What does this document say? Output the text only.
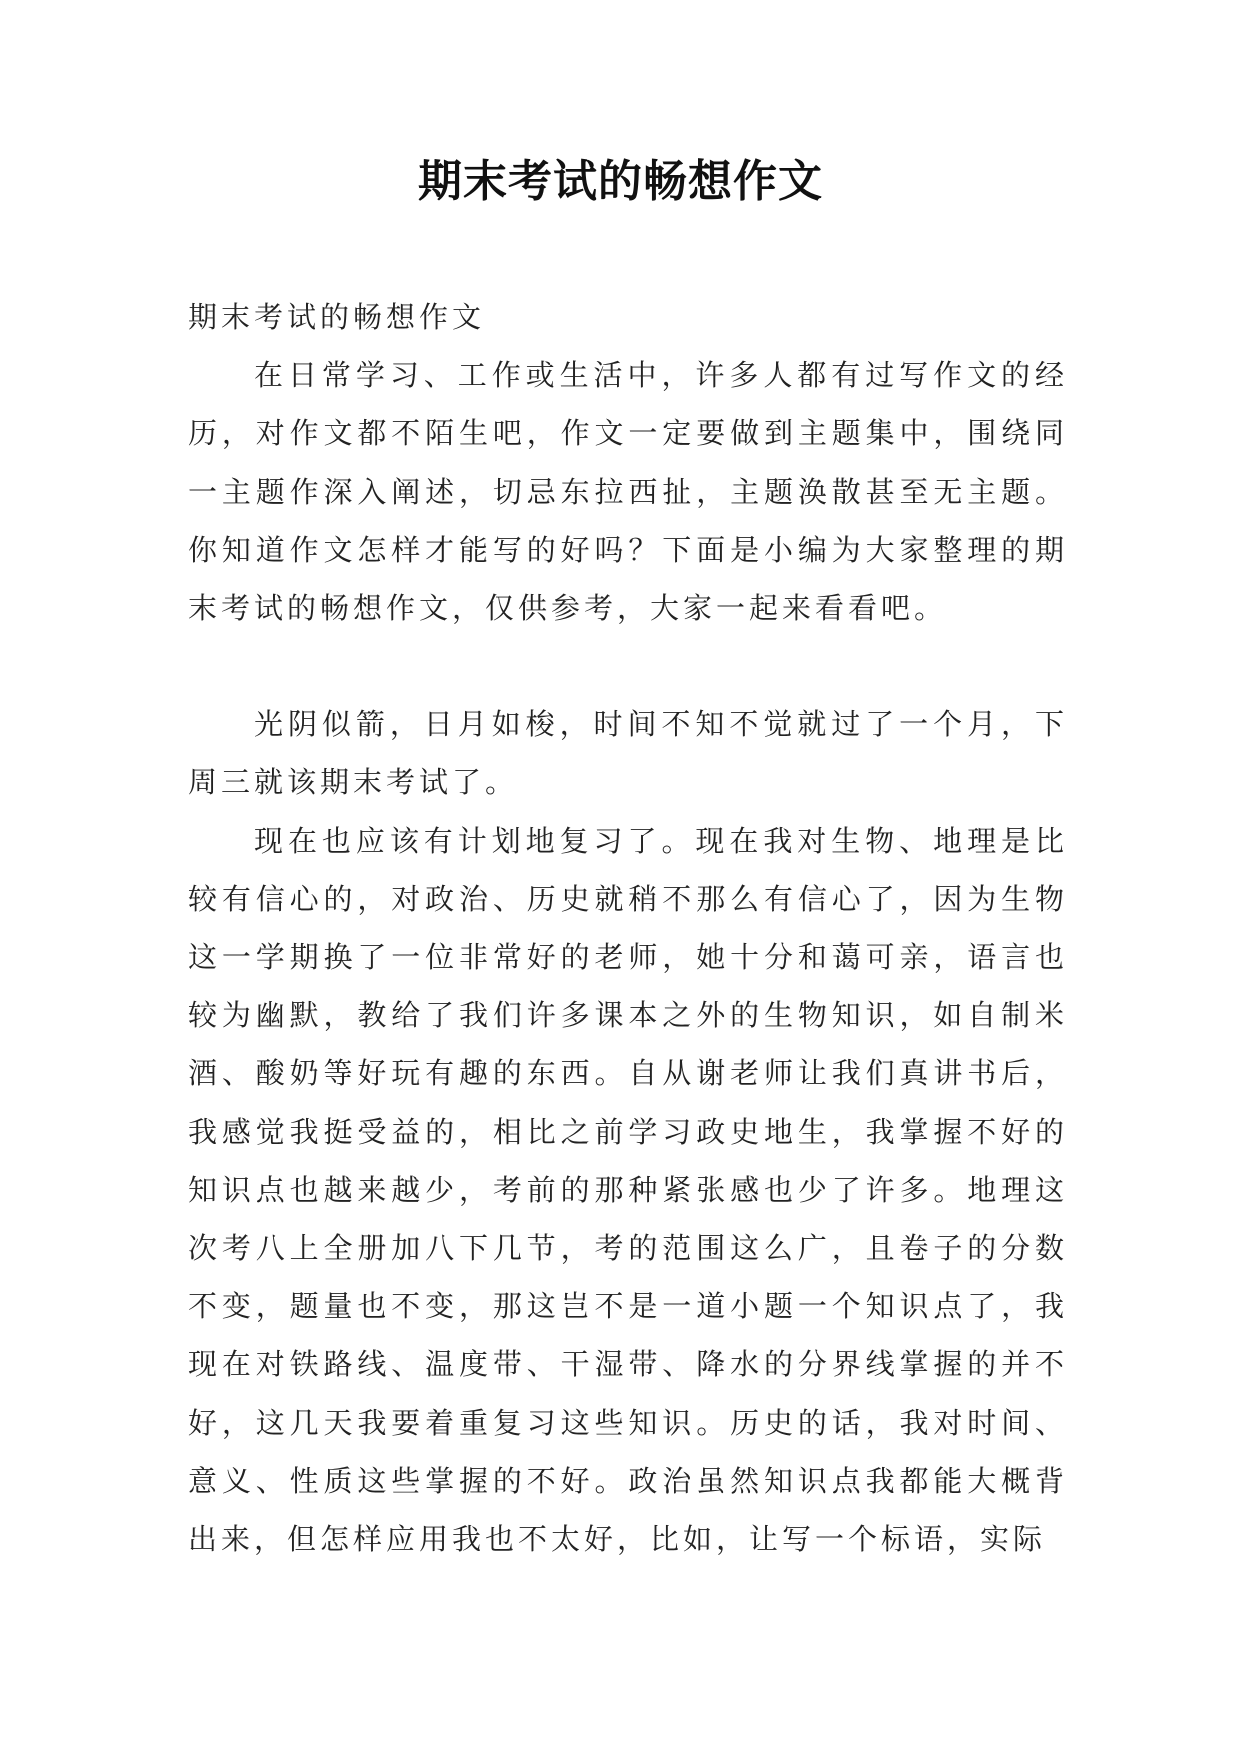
期末考试的畅想作文

期末考试的畅想作文

在日常学习、工作或生活中，许多人都有过写作文的经历，对作文都不陌生吧，作文一定要做到主题集中，围绕同一主题作深入阐述，切忌东拉西扯，主题涣散甚至无主题。你知道作文怎样才能写的好吗？下面是小编为大家整理的期末考试的畅想作文，仅供参考，大家一起来看看吧。

光阴似箭，日月如梭，时间不知不觉就过了一个月，下周三就该期末考试了。

现在也应该有计划地复习了。现在我对生物、地理是比较有信心的，对政治、历史就稍不那么有信心了，因为生物这一学期换了一位非常好的老师，她十分和蔼可亲，语言也较为幽默，教给了我们许多课本之外的生物知识，如自制米酒、酸奶等好玩有趣的东西。自从谢老师让我们真讲书后，我感觉我挺受益的，相比之前学习政史地生，我掌握不好的知识点也越来越少，考前的那种紧张感也少了许多。地理这次考八上全册加八下几节，考的范围这么广，且卷子的分数不变，题量也不变，那这岂不是一道小题一个知识点了，我现在对铁路线、温度带、干湿带、降水的分界线掌握的并不好，这几天我要着重复习这些知识。历史的话，我对时间、意义、性质这些掌握的不好。政治虽然知识点我都能大概背出来，但怎样应用我也不太好，比如，让写一个标语，实际
